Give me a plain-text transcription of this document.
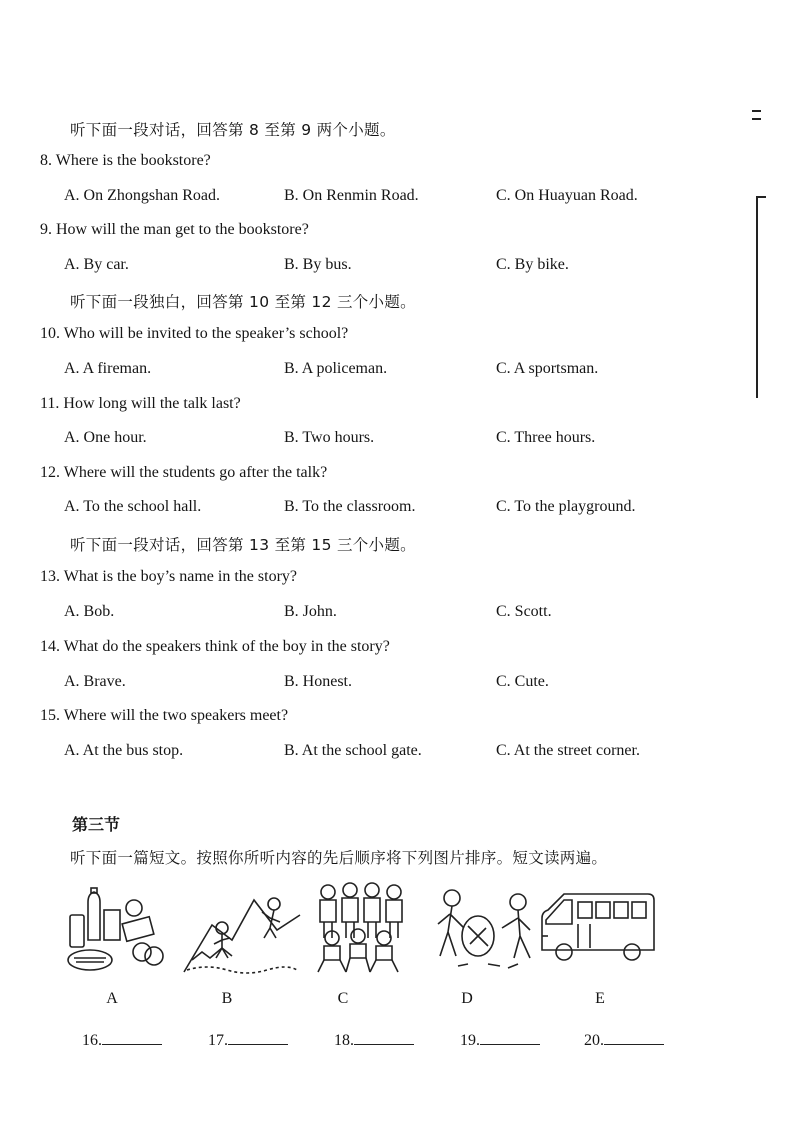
听下面一段对话，回答第 8 至第 9 两个小题。
8. Where is the bookstore?
A. On Zhongshan Road.	B. On Renmin Road.	C. On Huayuan Road.
9. How will the man get to the bookstore?
A. By car.	B. By bus.	C. By bike.
听下面一段独白，回答第 10 至第 12 三个小题。
10. Who will be invited to the speaker’s school?
A. A fireman.	B. A policeman.	C. A sportsman.
11. How long will the talk last?
A. One hour.	B. Two hours.	C. Three hours.
12. Where will the students go after the talk?
A. To the school hall.	B. To the classroom.	C. To the playground.
听下面一段对话，回答第 13 至第 15 三个小题。
13. What is the boy’s name in the story?
A. Bob.	B. John.	C. Scott.
14. What do the speakers think of the boy in the story?
A. Brave.	B. Honest.	C. Cute.
15. Where will the two speakers meet?
A. At the bus stop.	B. At the school gate.	C. At the street corner.
第三节
听下面一篇短文。按照你所听内容的先后顺序将下列图片排序。短文读两遍。
A	B	C	D	E
16.	17.	18.	19.	20.
